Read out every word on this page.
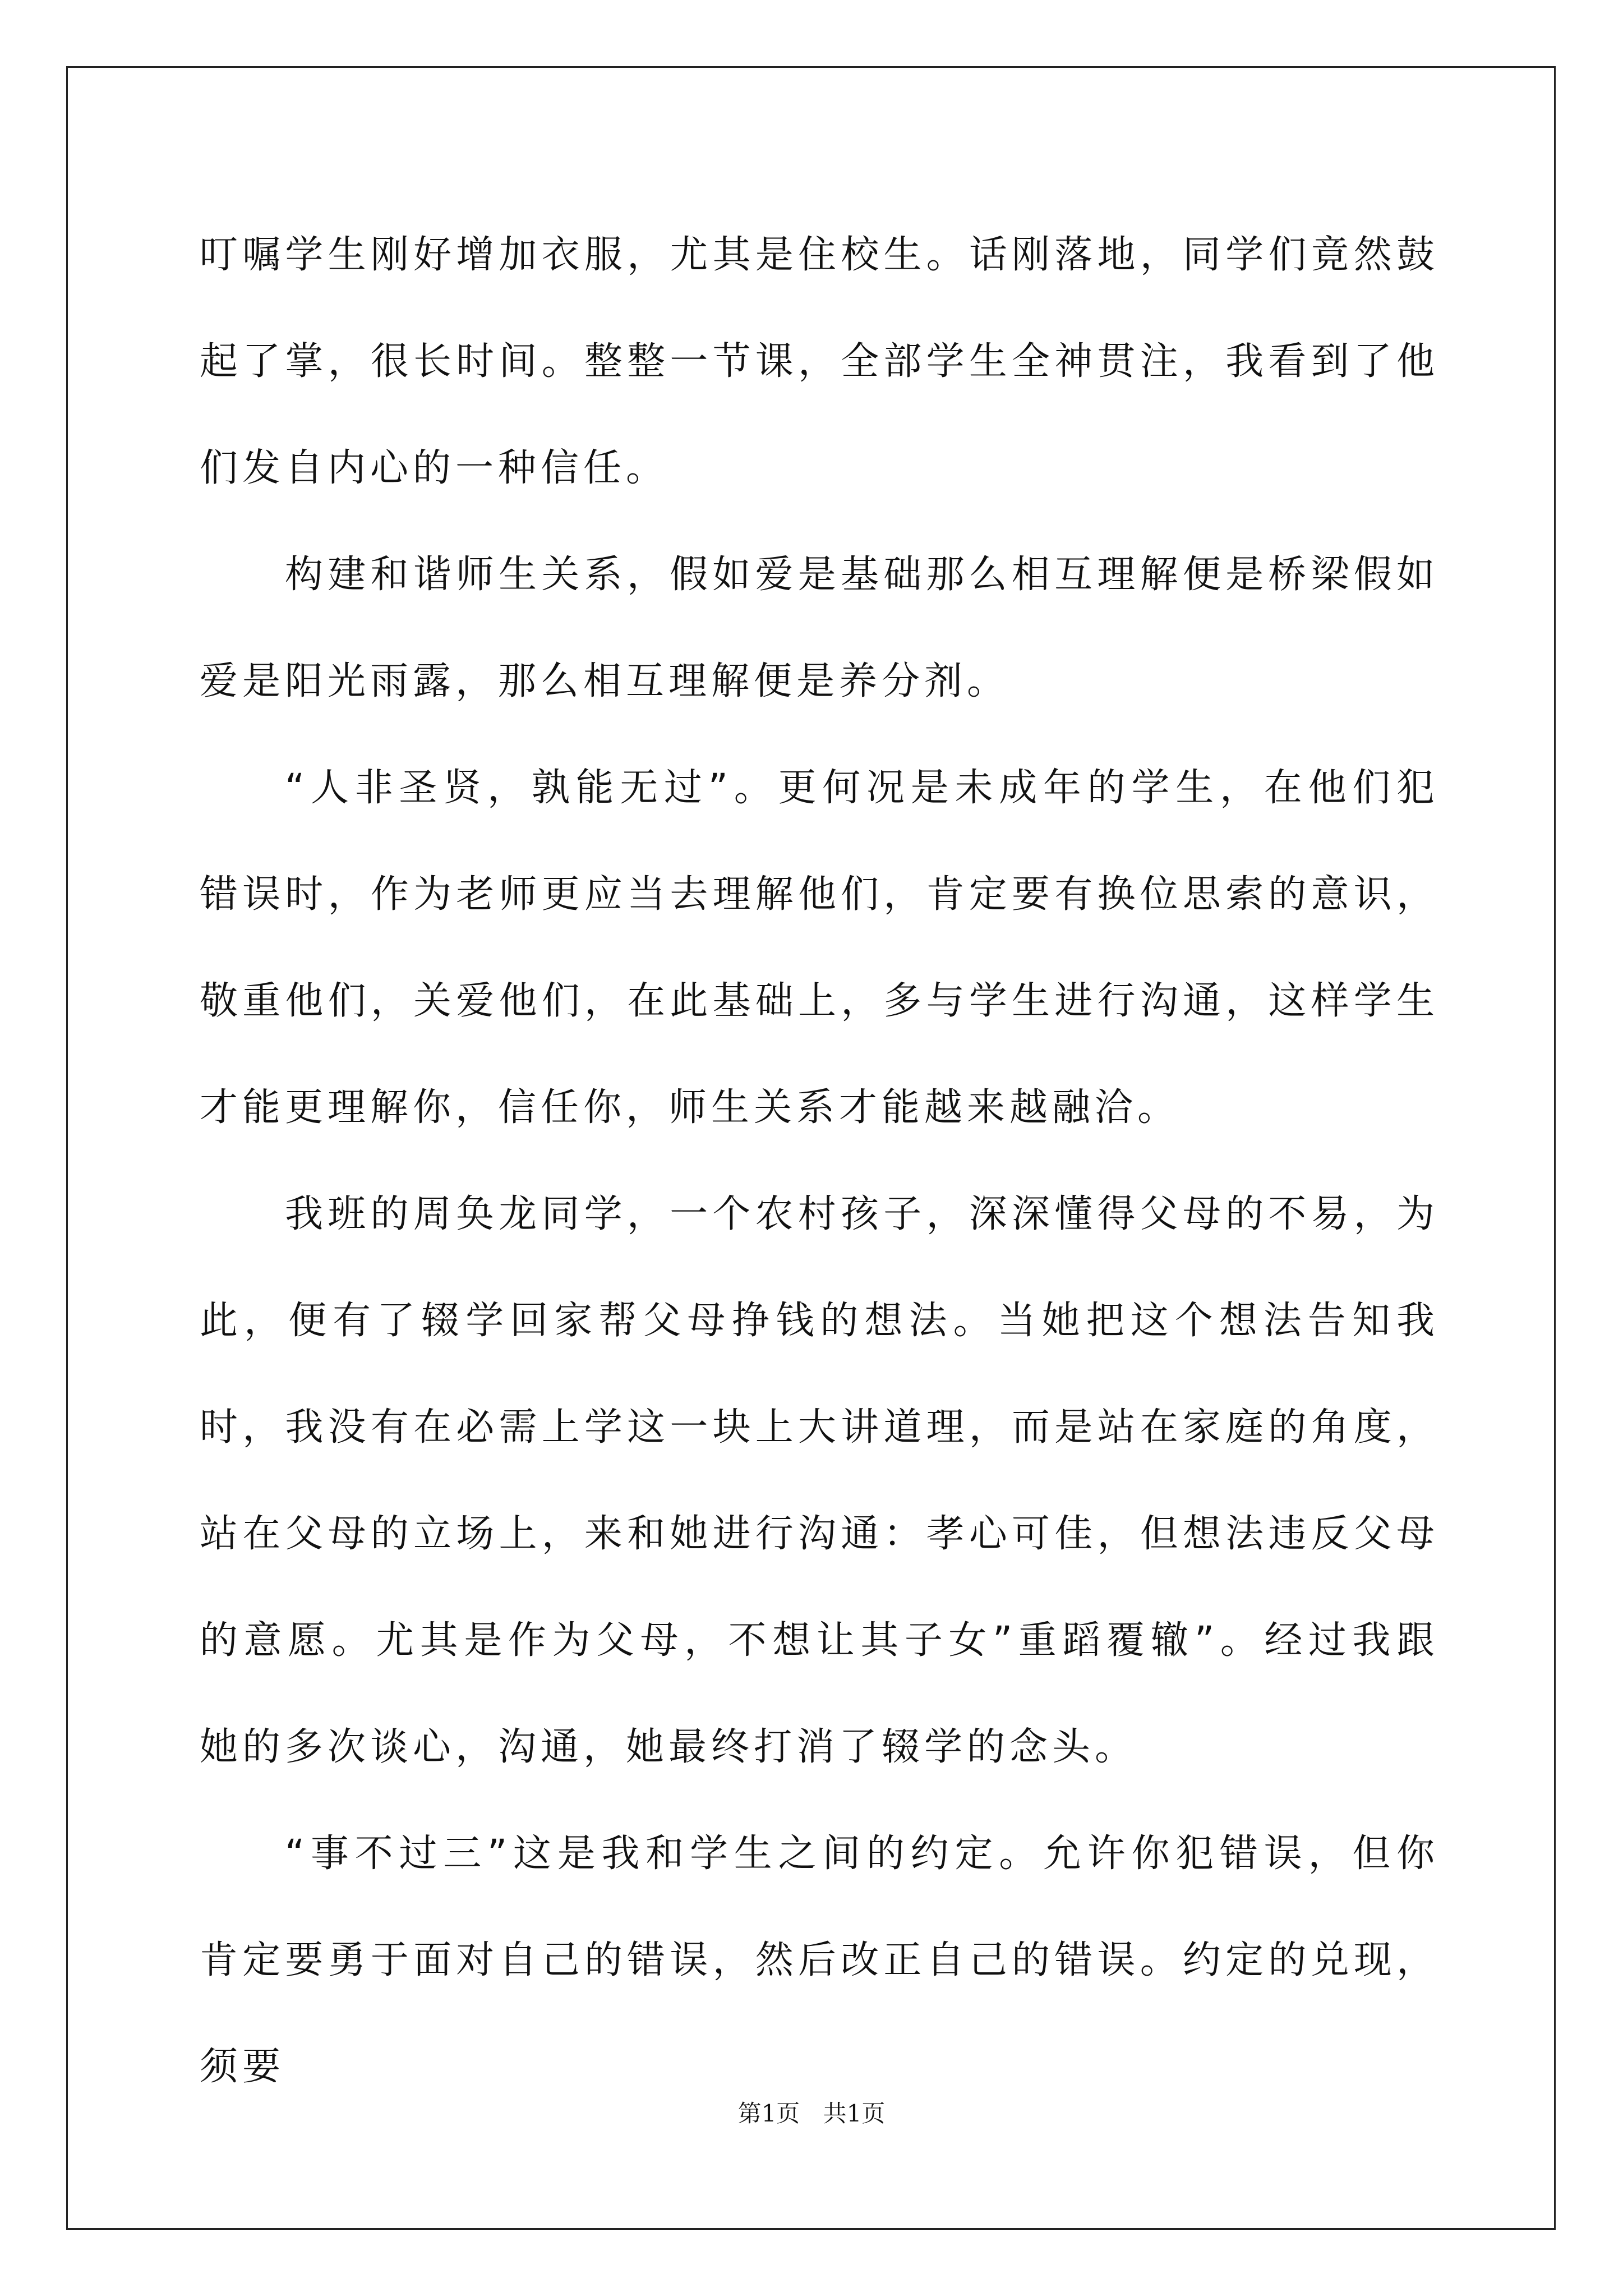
叮嘱学生刚好增加衣服，尤其是住校生。话刚落地，同学们竟然鼓起了掌，很长时间。整整一节课，全部学生全神贯注，我看到了他们发自内心的一种信任。

构建和谐师生关系，假如爱是基础那么相互理解便是桥梁假如爱是阳光雨露，那么相互理解便是养分剂。

“人非圣贤，孰能无过”。更何况是未成年的学生，在他们犯错误时，作为老师更应当去理解他们，肯定要有换位思索的意识，敬重他们，关爱他们，在此基础上，多与学生进行沟通，这样学生才能更理解你，信任你，师生关系才能越来越融洽。

我班的周奂龙同学，一个农村孩子，深深懂得父母的不易，为此，便有了辍学回家帮父母挣钱的想法。当她把这个想法告知我时，我没有在必需上学这一块上大讲道理，而是站在家庭的角度，站在父母的立场上，来和她进行沟通：孝心可佳，但想法违反父母的意愿。尤其是作为父母，不想让其子女”重蹈覆辙”。经过我跟她的多次谈心，沟通，她最终打消了辍学的念头。

“事不过三”这是我和学生之间的约定。允许你犯错误，但你肯定要勇于面对自己的错误，然后改正自己的错误。约定的兑现，须要

第1页 共1页
